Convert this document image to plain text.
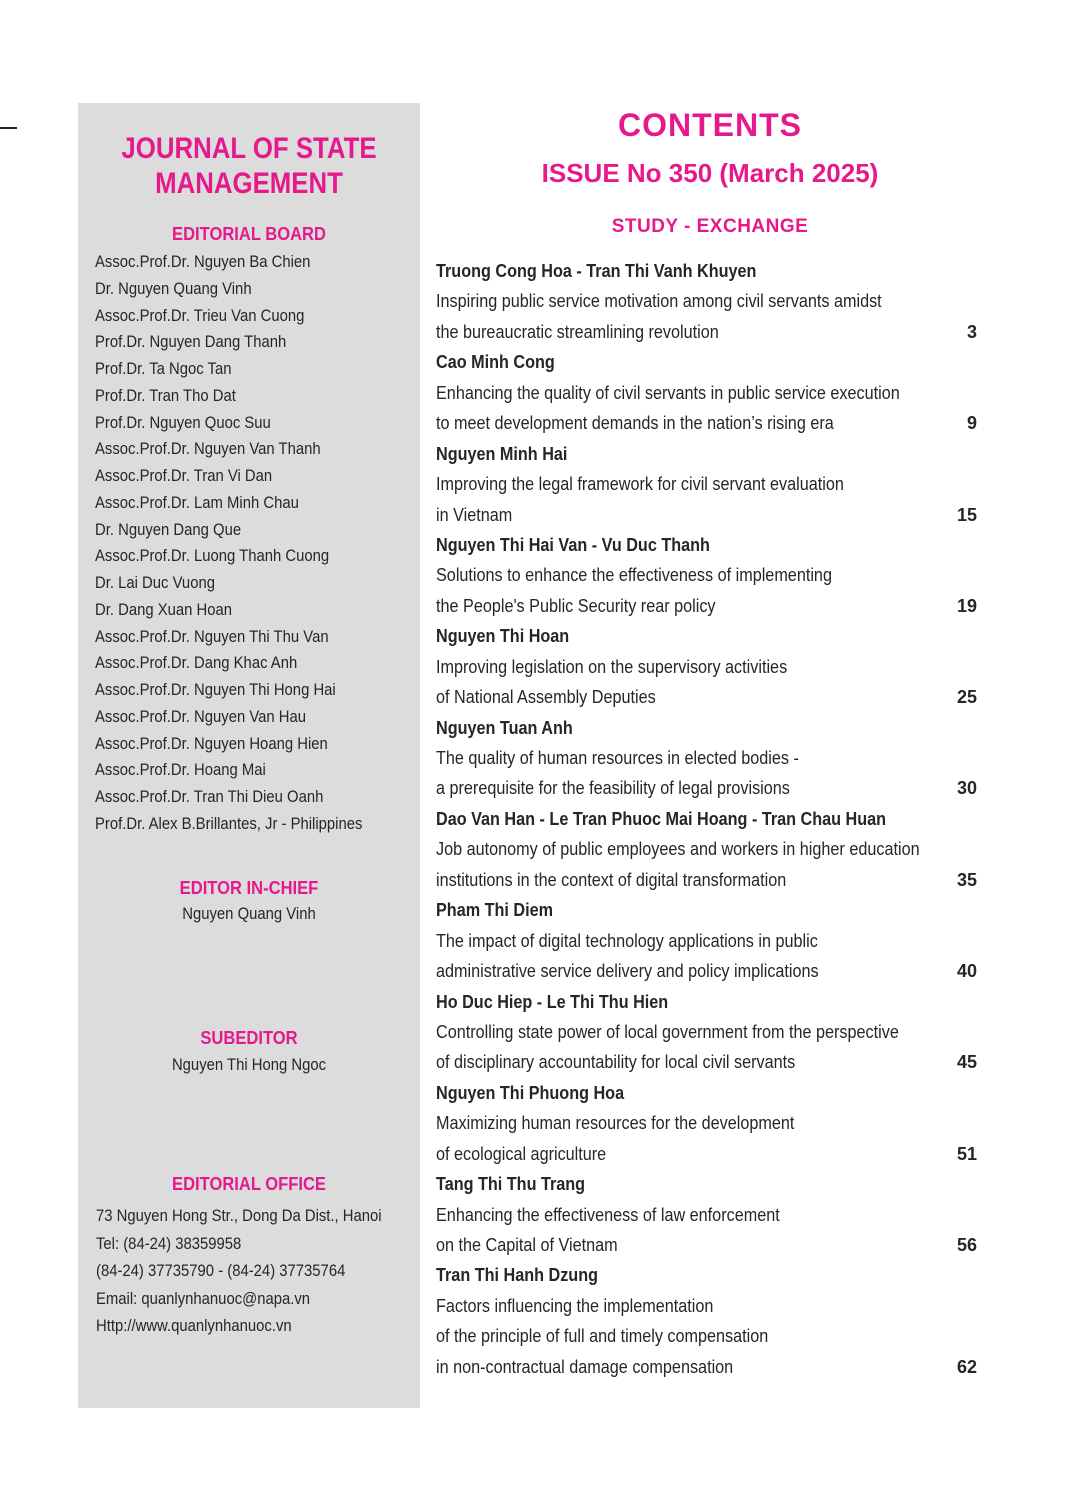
JOURNAL OF STATE
MANAGEMENT
EDITORIAL BOARD
Assoc.Prof.Dr. Nguyen Ba Chien
Dr. Nguyen Quang Vinh
Assoc.Prof.Dr. Trieu Van Cuong
Prof.Dr. Nguyen Dang Thanh
Prof.Dr. Ta Ngoc Tan
Prof.Dr. Tran Tho Dat
Prof.Dr. Nguyen Quoc Suu
Assoc.Prof.Dr. Nguyen Van Thanh
Assoc.Prof.Dr. Tran Vi Dan
Assoc.Prof.Dr. Lam Minh Chau
Dr. Nguyen Dang Que
Assoc.Prof.Dr. Luong Thanh Cuong
Dr. Lai Duc Vuong
Dr. Dang Xuan Hoan
Assoc.Prof.Dr. Nguyen Thi Thu Van
Assoc.Prof.Dr. Dang Khac Anh
Assoc.Prof.Dr. Nguyen Thi Hong Hai
Assoc.Prof.Dr. Nguyen Van Hau
Assoc.Prof.Dr. Nguyen Hoang Hien
Assoc.Prof.Dr. Hoang Mai
Assoc.Prof.Dr. Tran Thi Dieu Oanh
Prof.Dr. Alex B.Brillantes, Jr - Philippines
EDITOR IN-CHIEF
Nguyen Quang Vinh
SUBEDITOR
Nguyen Thi Hong Ngoc
EDITORIAL OFFICE
73 Nguyen Hong Str., Dong Da Dist., Hanoi
Tel: (84-24) 38359958
(84-24) 37735790 - (84-24) 37735764
Email: quanlynhanuoc@napa.vn
Http://www.quanlynhanuoc.vn
CONTENTS
ISSUE No 350 (March 2025)
STUDY - EXCHANGE
Truong Cong Hoa - Tran Thi Vanh Khuyen
Inspiring public service motivation among civil servants amidst
the bureaucratic streamlining revolution	3
Cao Minh Cong
Enhancing the quality of civil servants in public service execution
to meet development demands in the nation’s rising era	9
Nguyen Minh Hai
Improving the legal framework for civil servant evaluation
in Vietnam	15
Nguyen Thi Hai Van - Vu Duc Thanh
Solutions to enhance the effectiveness of implementing
the People's Public Security rear policy	19
Nguyen Thi Hoan
Improving legislation on the supervisory activities
of National Assembly Deputies	25
Nguyen Tuan Anh
The quality of human resources in elected bodies -
a prerequisite for the feasibility of legal provisions	30
Dao Van Han - Le Tran Phuoc Mai Hoang - Tran Chau Huan
Job autonomy of public employees and workers in higher education
institutions in the context of digital transformation	35
Pham Thi Diem
The impact of digital technology applications in public
administrative service delivery and policy implications	40
Ho Duc Hiep - Le Thi Thu Hien
Controlling state power of local government from the perspective
of disciplinary accountability for local civil servants	45
Nguyen Thi Phuong Hoa
Maximizing human resources for the development
of ecological agriculture	51
Tang Thi Thu Trang
Enhancing the effectiveness of law enforcement
on the Capital of Vietnam	56
Tran Thi Hanh Dzung
Factors influencing the implementation
of the principle of full and timely compensation
in non-contractual damage compensation	62
